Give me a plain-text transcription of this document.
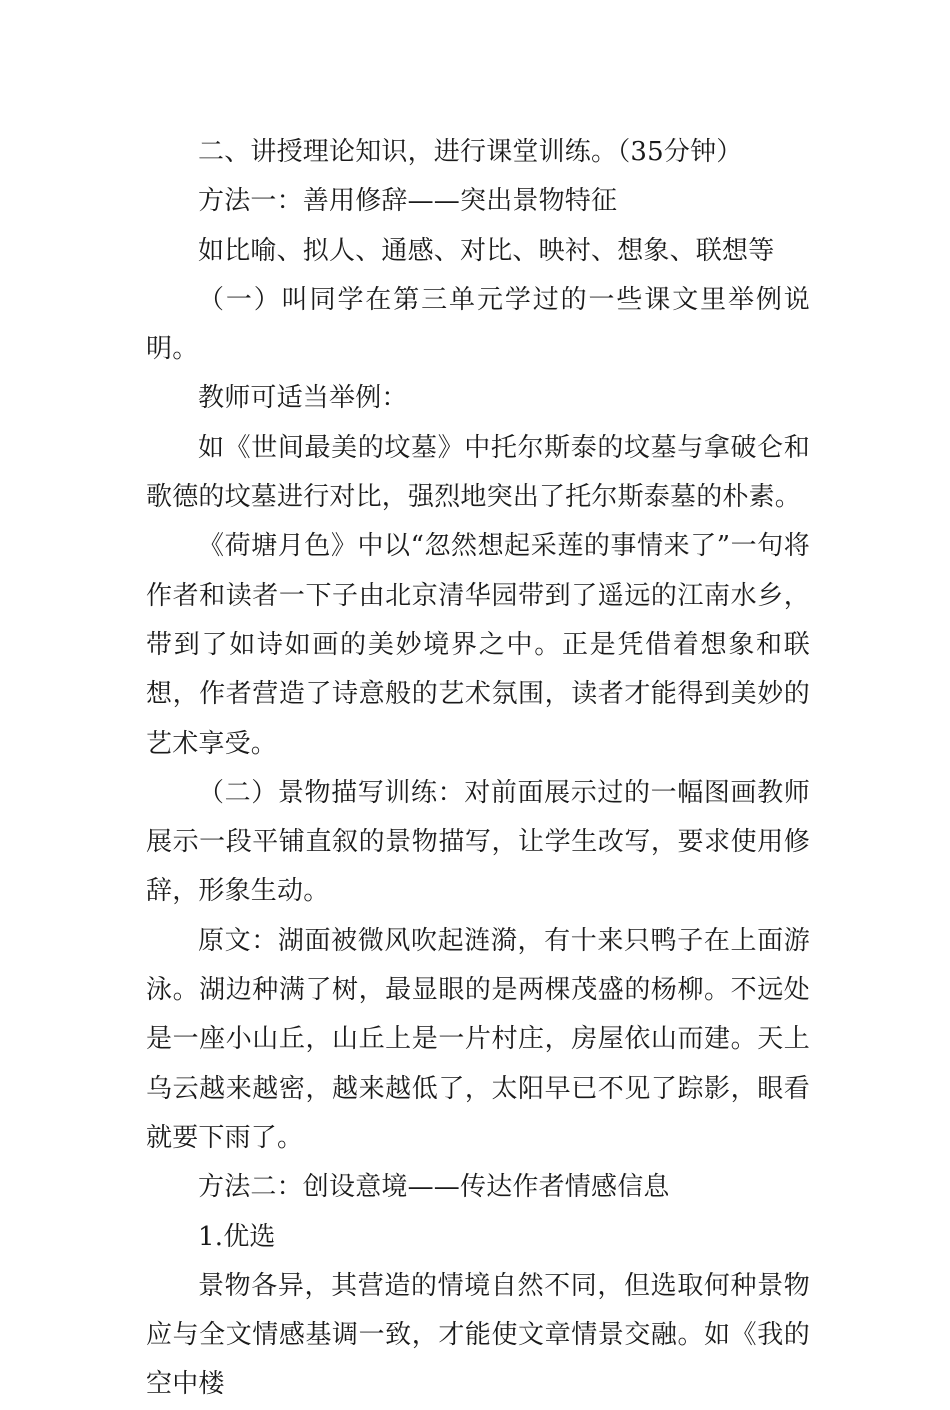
二、讲授理论知识，进行课堂训练。（35分钟）

方法一：善用修辞——突出景物特征

如比喻、拟人、通感、对比、映衬、想象、联想等

（一）叫同学在第三单元学过的一些课文里举例说明。

教师可适当举例：

如《世间最美的坟墓》中托尔斯泰的坟墓与拿破仑和歌德的坟墓进行对比，强烈地突出了托尔斯泰墓的朴素。

《荷塘月色》中以“忽然想起采莲的事情来了”一句将作者和读者一下子由北京清华园带到了遥远的江南水乡，带到了如诗如画的美妙境界之中。正是凭借着想象和联想，作者营造了诗意般的艺术氛围，读者才能得到美妙的艺术享受。

（二）景物描写训练：对前面展示过的一幅图画教师展示一段平铺直叙的景物描写，让学生改写，要求使用修辞，形象生动。

原文：湖面被微风吹起涟漪，有十来只鸭子在上面游泳。湖边种满了树，最显眼的是两棵茂盛的杨柳。不远处是一座小山丘，山丘上是一片村庄，房屋依山而建。天上乌云越来越密，越来越低了，太阳早已不见了踪影，眼看就要下雨了。

方法二：创设意境——传达作者情感信息

1.优选

景物各异，其营造的情境自然不同，但选取何种景物应与全文情感基调一致，才能使文章情景交融。如《我的空中楼
